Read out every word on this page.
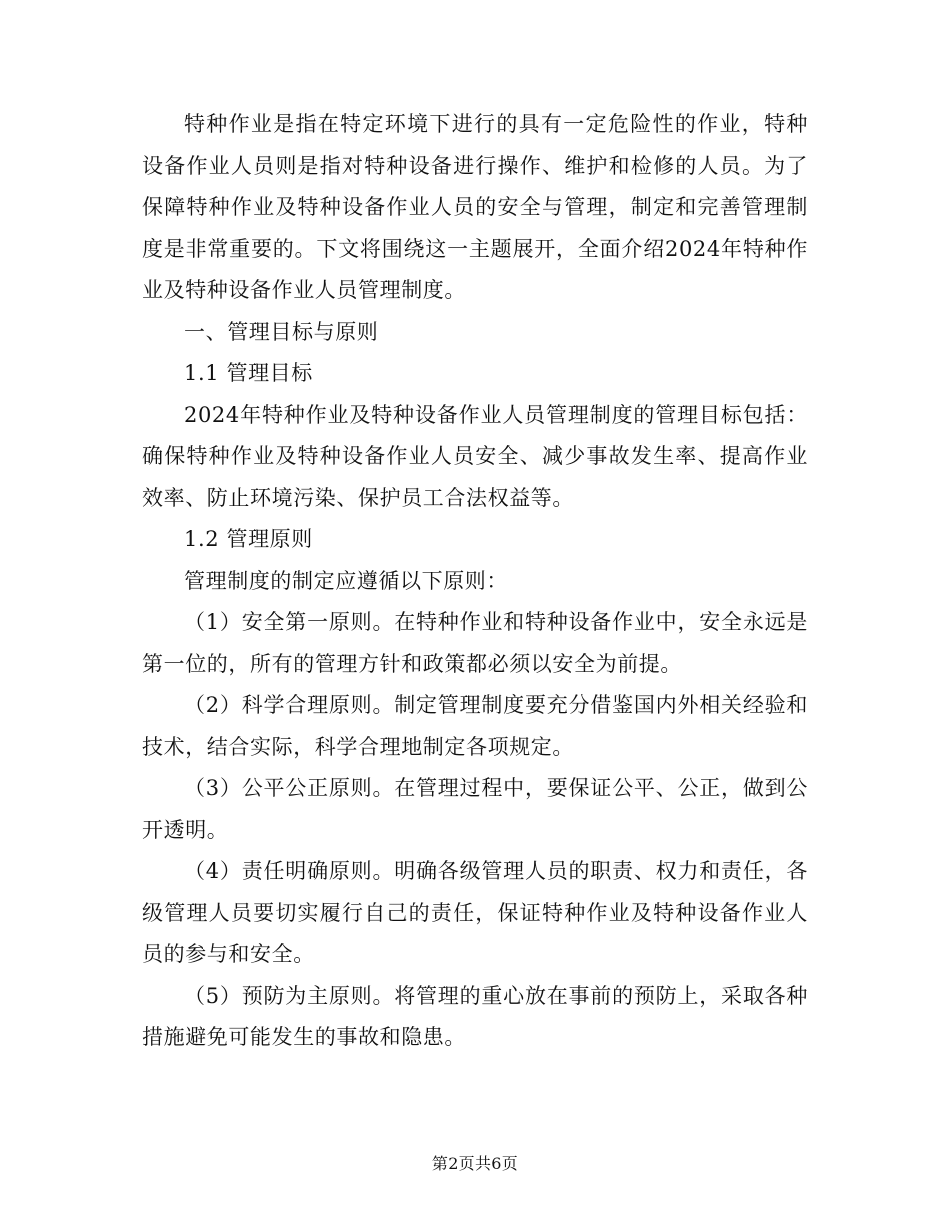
特种作业是指在特定环境下进行的具有一定危险性的作业，特种设备作业人员则是指对特种设备进行操作、维护和检修的人员。为了保障特种作业及特种设备作业人员的安全与管理，制定和完善管理制度是非常重要的。下文将围绕这一主题展开，全面介绍2024年特种作业及特种设备作业人员管理制度。

一、管理目标与原则

1.1 管理目标

2024年特种作业及特种设备作业人员管理制度的管理目标包括：确保特种作业及特种设备作业人员安全、减少事故发生率、提高作业效率、防止环境污染、保护员工合法权益等。

1.2 管理原则

管理制度的制定应遵循以下原则：

（1）安全第一原则。在特种作业和特种设备作业中，安全永远是第一位的，所有的管理方针和政策都必须以安全为前提。

（2）科学合理原则。制定管理制度要充分借鉴国内外相关经验和技术，结合实际，科学合理地制定各项规定。

（3）公平公正原则。在管理过程中，要保证公平、公正，做到公开透明。

（4）责任明确原则。明确各级管理人员的职责、权力和责任，各级管理人员要切实履行自己的责任，保证特种作业及特种设备作业人员的参与和安全。

（5）预防为主原则。将管理的重心放在事前的预防上，采取各种措施避免可能发生的事故和隐患。

第2页共6页
